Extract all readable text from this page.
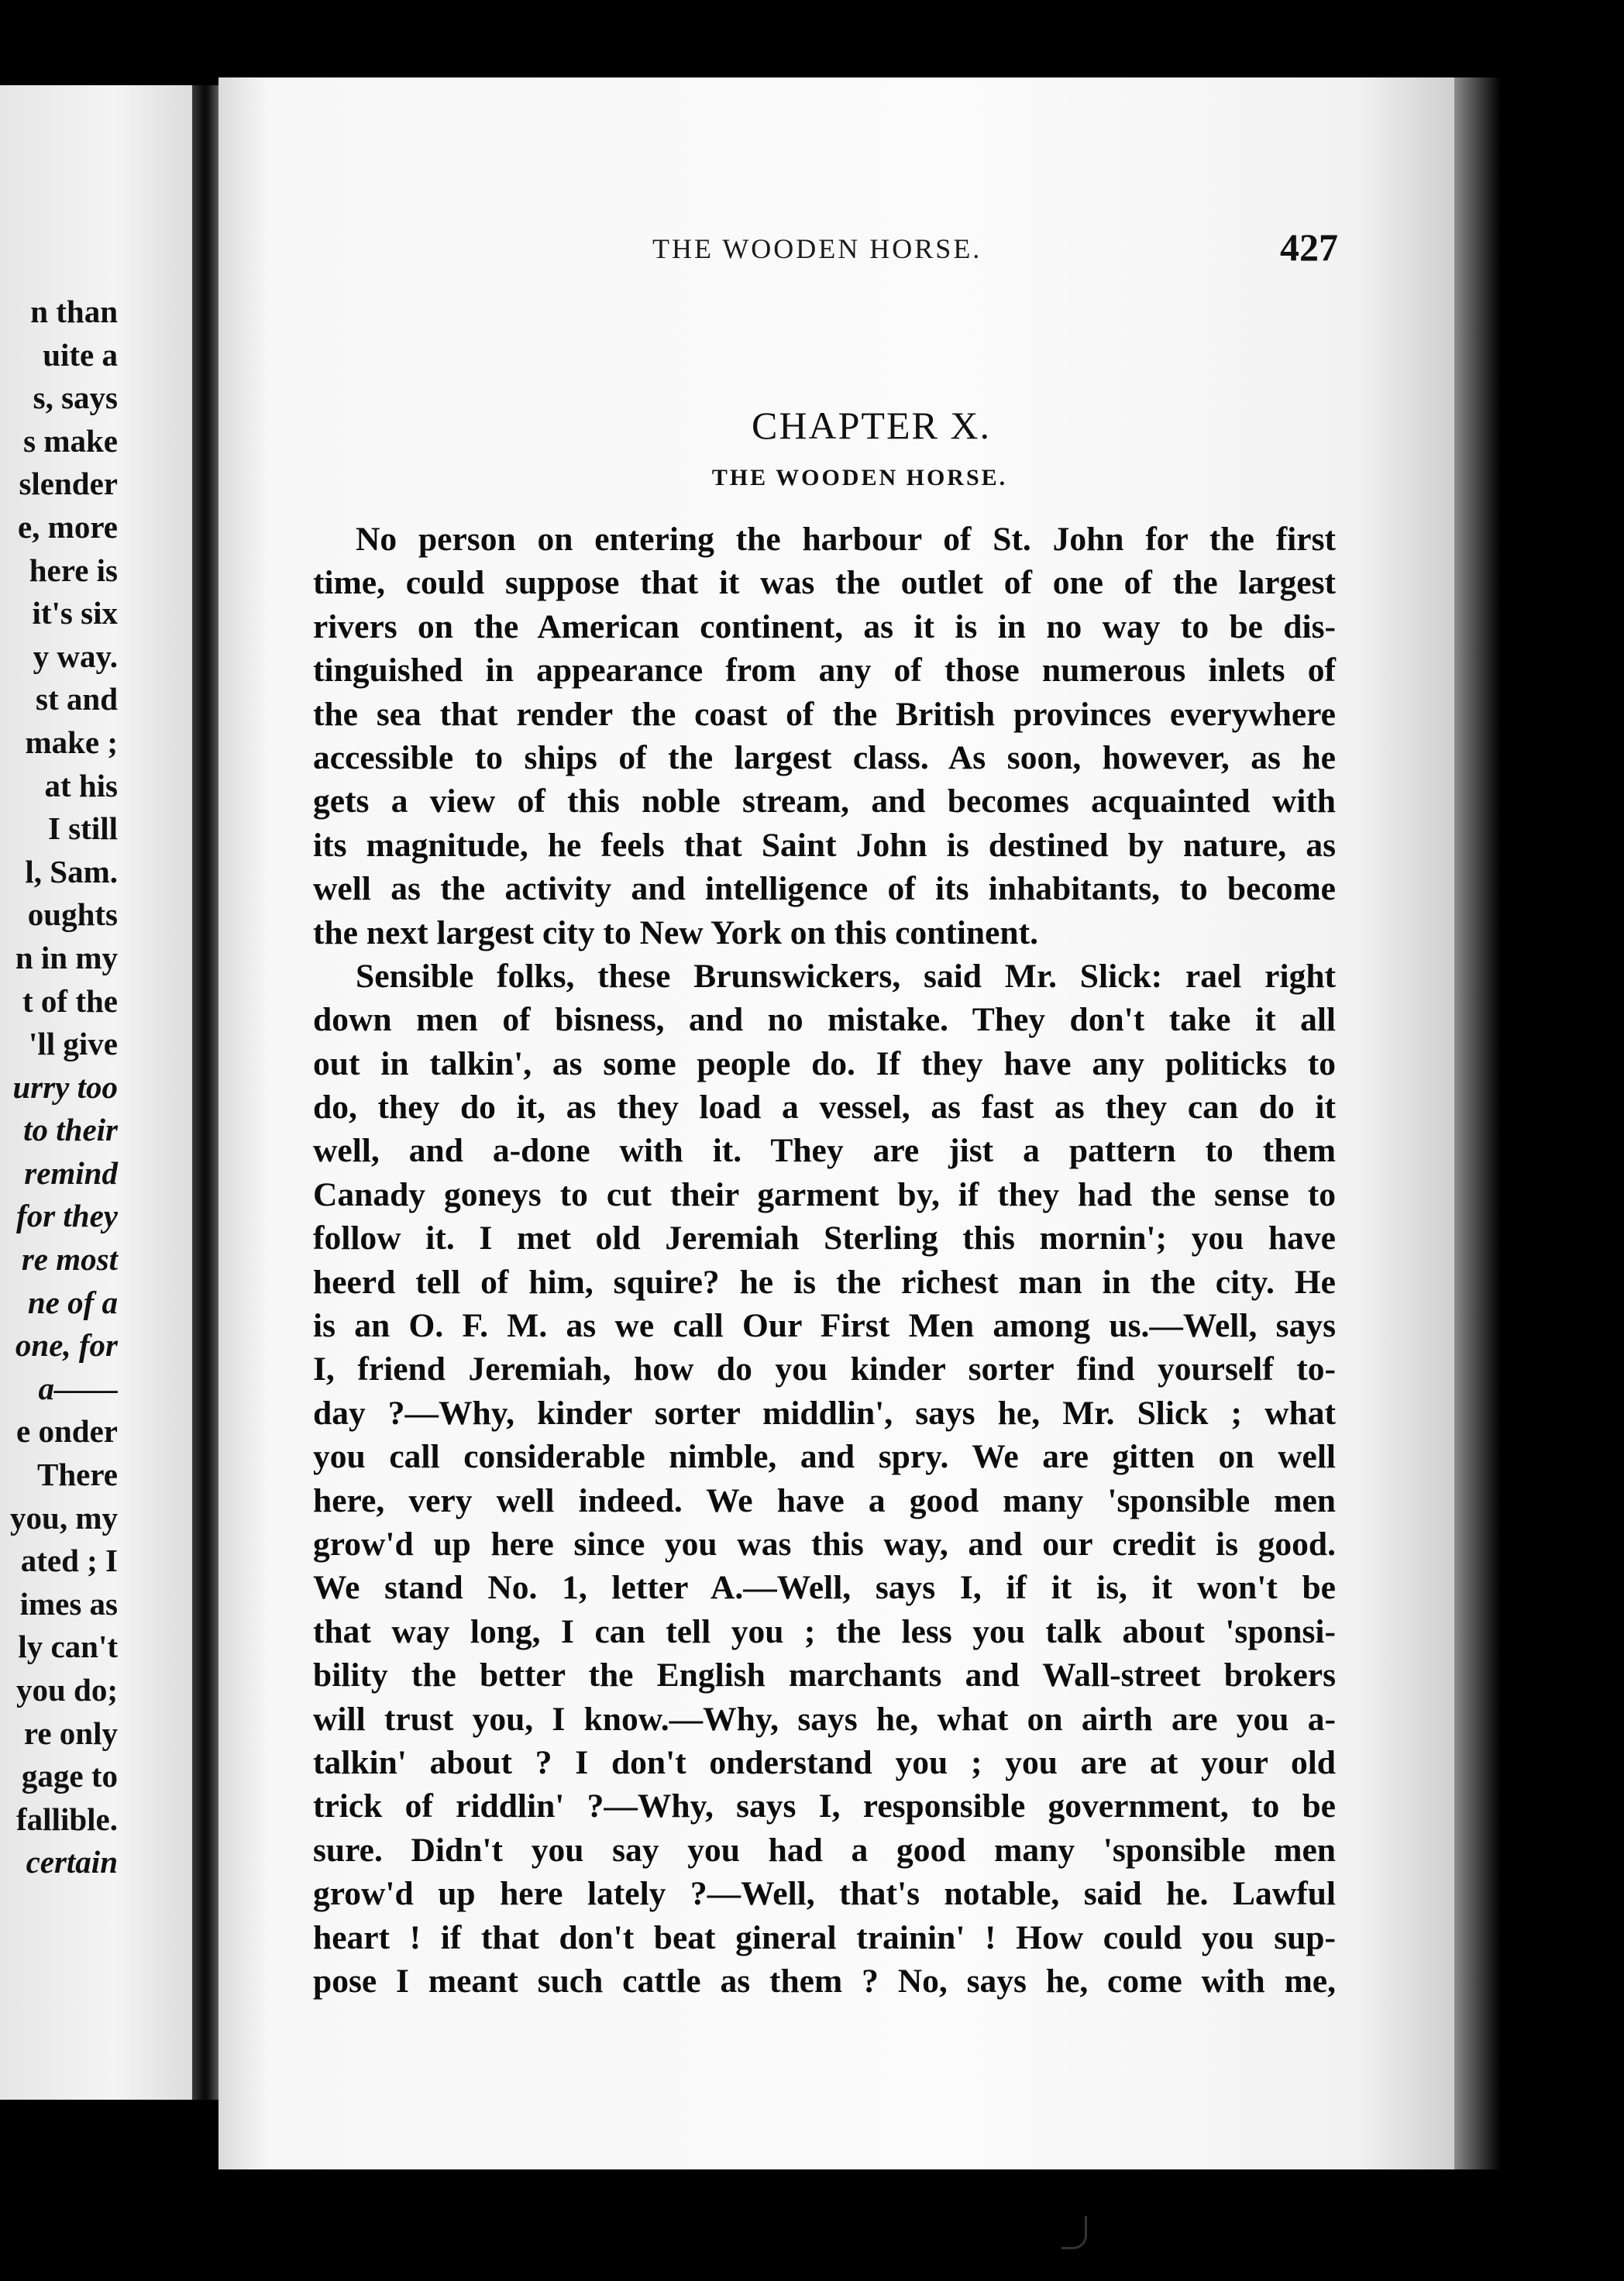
n than
uite a
s, says
s make
slender
e, more
here is
it's six
y way.
st and
make ;
at his
I still
l, Sam.
oughts
n in my
t of the
'll give
urry too
to their
remind
for they
re most
ne of a
one, for
a——
e onder
There
you, my
ated ; I
imes as
ly can't
you do;
re only
gage to
fallible.
certain
THE WOODEN HORSE.	427
CHAPTER X.
THE WOODEN HORSE.
No person on entering the harbour of St. John for the first
time, could suppose that it was the outlet of one of the largest
rivers on the American continent, as it is in no way to be dis-
tinguished in appearance from any of those numerous inlets of
the sea that render the coast of the British provinces everywhere
accessible to ships of the largest class. As soon, however, as he
gets a view of this noble stream, and becomes acquainted with
its magnitude, he feels that Saint John is destined by nature, as
well as the activity and intelligence of its inhabitants, to become
the next largest city to New York on this continent.
Sensible folks, these Brunswickers, said Mr. Slick: rael right
down men of bisness, and no mistake. They don't take it all
out in talkin', as some people do. If they have any politicks to
do, they do it, as they load a vessel, as fast as they can do it
well, and a-done with it. They are jist a pattern to them
Canady goneys to cut their garment by, if they had the sense to
follow it. I met old Jeremiah Sterling this mornin'; you have
heerd tell of him, squire? he is the richest man in the city. He
is an O. F. M. as we call Our First Men among us.—Well, says
I, friend Jeremiah, how do you kinder sorter find yourself to-
day ?—Why, kinder sorter middlin', says he, Mr. Slick ; what
you call considerable nimble, and spry. We are gitten on well
here, very well indeed. We have a good many 'sponsible men
grow'd up here since you was this way, and our credit is good.
We stand No. 1, letter A.—Well, says I, if it is, it won't be
that way long, I can tell you ; the less you talk about 'sponsi-
bility the better the English marchants and Wall-street brokers
will trust you, I know.—Why, says he, what on airth are you a-
talkin' about ? I don't onderstand you ; you are at your old
trick of riddlin' ?—Why, says I, responsible government, to be
sure. Didn't you say you had a good many 'sponsible men
grow'd up here lately ?—Well, that's notable, said he. Lawful
heart ! if that don't beat gineral trainin' ! How could you sup-
pose I meant such cattle as them ? No, says he, come with me,
